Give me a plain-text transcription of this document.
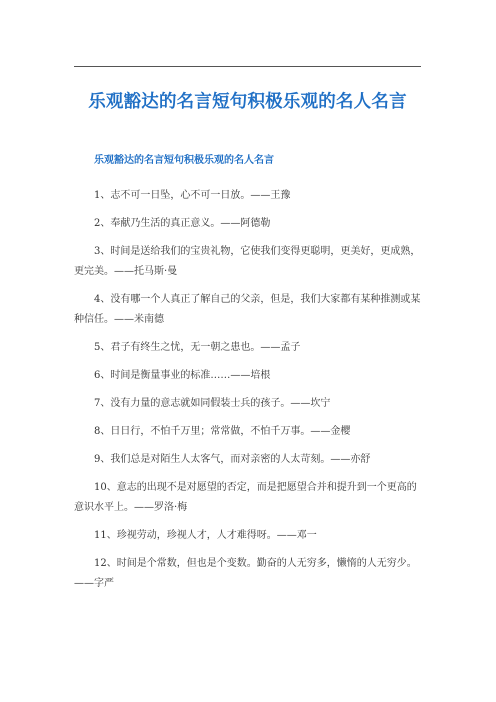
乐观豁达的名言短句积极乐观的名人名言
乐观豁达的名言短句积极乐观的名人名言

1、志不可一日坠，心不可一日放。——王豫

2、奉献乃生活的真正意义。——阿德勒

3、时间是送给我们的宝贵礼物，它使我们变得更聪明，更美好，更成熟，更完美。——托马斯·曼

4、没有哪一个人真正了解自己的父亲，但是，我们大家都有某种推测或某种信任。——米南德

5、君子有终生之忧，无一朝之患也。——孟子

6、时间是衡量事业的标准……——培根

7、没有力量的意志就如同假装士兵的孩子。——坎宁

8、日日行，不怕千万里；常常做，不怕千万事。——金樱

9、我们总是对陌生人太客气，而对亲密的人太苛刻。——亦舒

10、意志的出现不是对愿望的否定，而是把愿望合并和提升到一个更高的意识水平上。——罗洛·梅

11、珍视劳动，珍视人才，人才难得呀。——邓一

12、时间是个常数，但也是个变数。勤奋的人无穷多，懒惰的人无穷少。——字严
